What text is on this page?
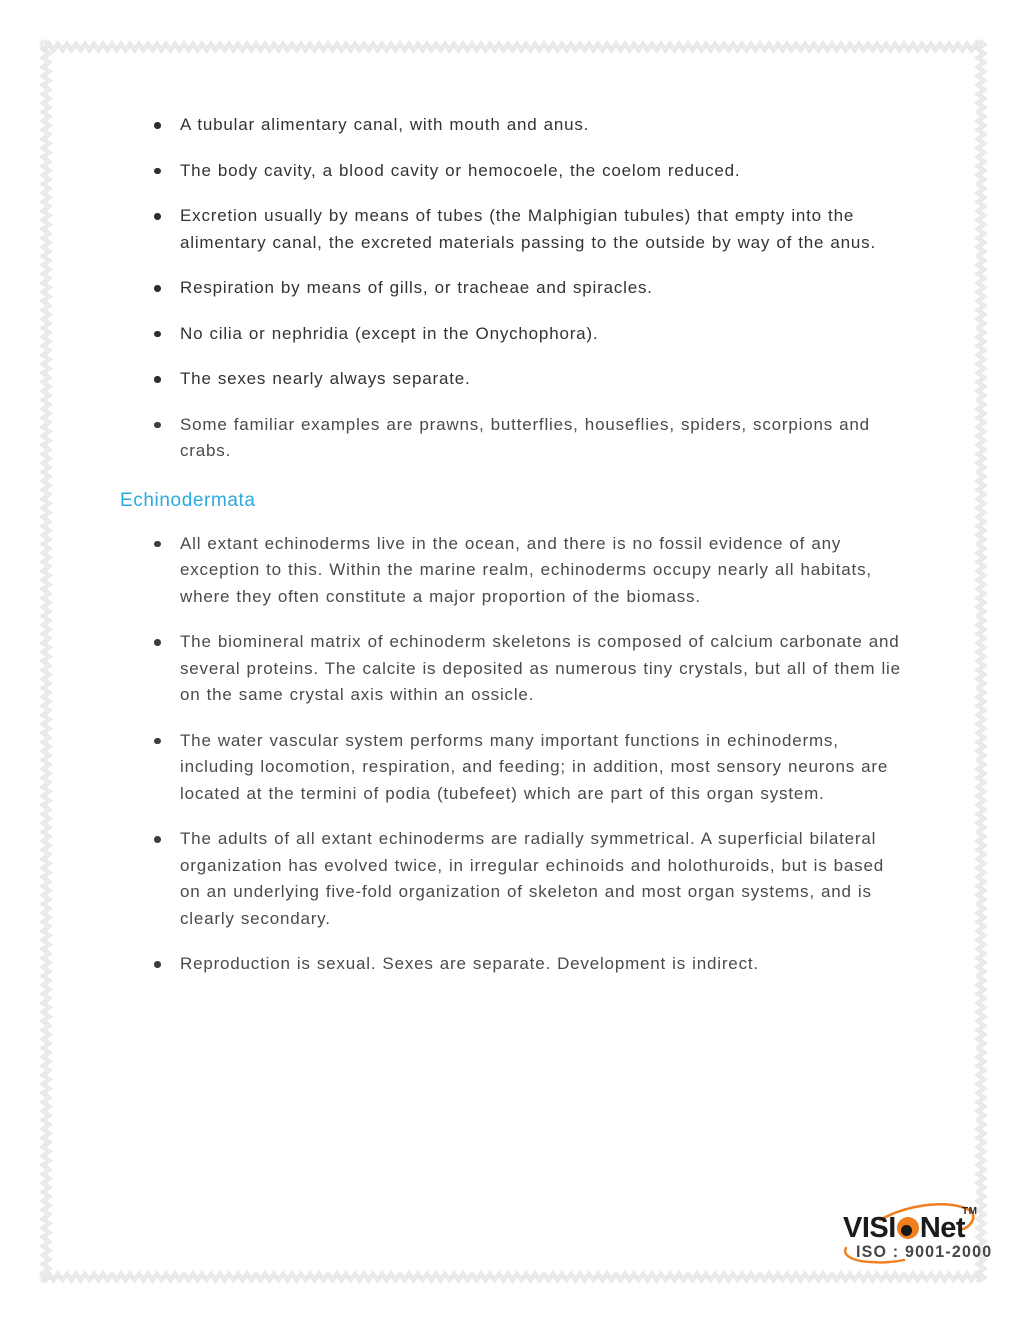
A tubular alimentary canal, with mouth and anus.
The body cavity, a blood cavity or hemocoele, the coelom reduced.
Excretion usually by means of tubes (the Malphigian tubules) that empty into the alimentary canal, the excreted materials passing to the outside by way of the anus.
Respiration by means of gills, or tracheae and spiracles.
No cilia or nephridia (except in the Onychophora).
The sexes nearly always separate.
Some familiar examples are prawns, butterflies, houseflies, spiders, scorpions and crabs.
Echinodermata
All extant echinoderms live in the ocean, and there is no fossil evidence of any exception to this. Within the marine realm, echinoderms occupy nearly all habitats, where they often constitute a major proportion of the biomass.
The biomineral matrix of echinoderm skeletons is composed of calcium carbonate and several proteins. The calcite is deposited as numerous tiny crystals, but all of them lie on the same crystal axis within an ossicle.
The water vascular system performs many important functions in echinoderms, including locomotion, respiration, and feeding; in addition, most sensory neurons are located at the termini of podia (tubefeet) which are part of this organ system.
The adults of all extant echinoderms are radially symmetrical. A superficial bilateral organization has evolved twice, in irregular echinoids and holothuroids, but is based on an underlying five-fold organization of skeleton and most organ systems, and is clearly secondary.
Reproduction is sexual. Sexes are separate. Development is indirect.
VISI Net
TM
ISO : 9001-2000
